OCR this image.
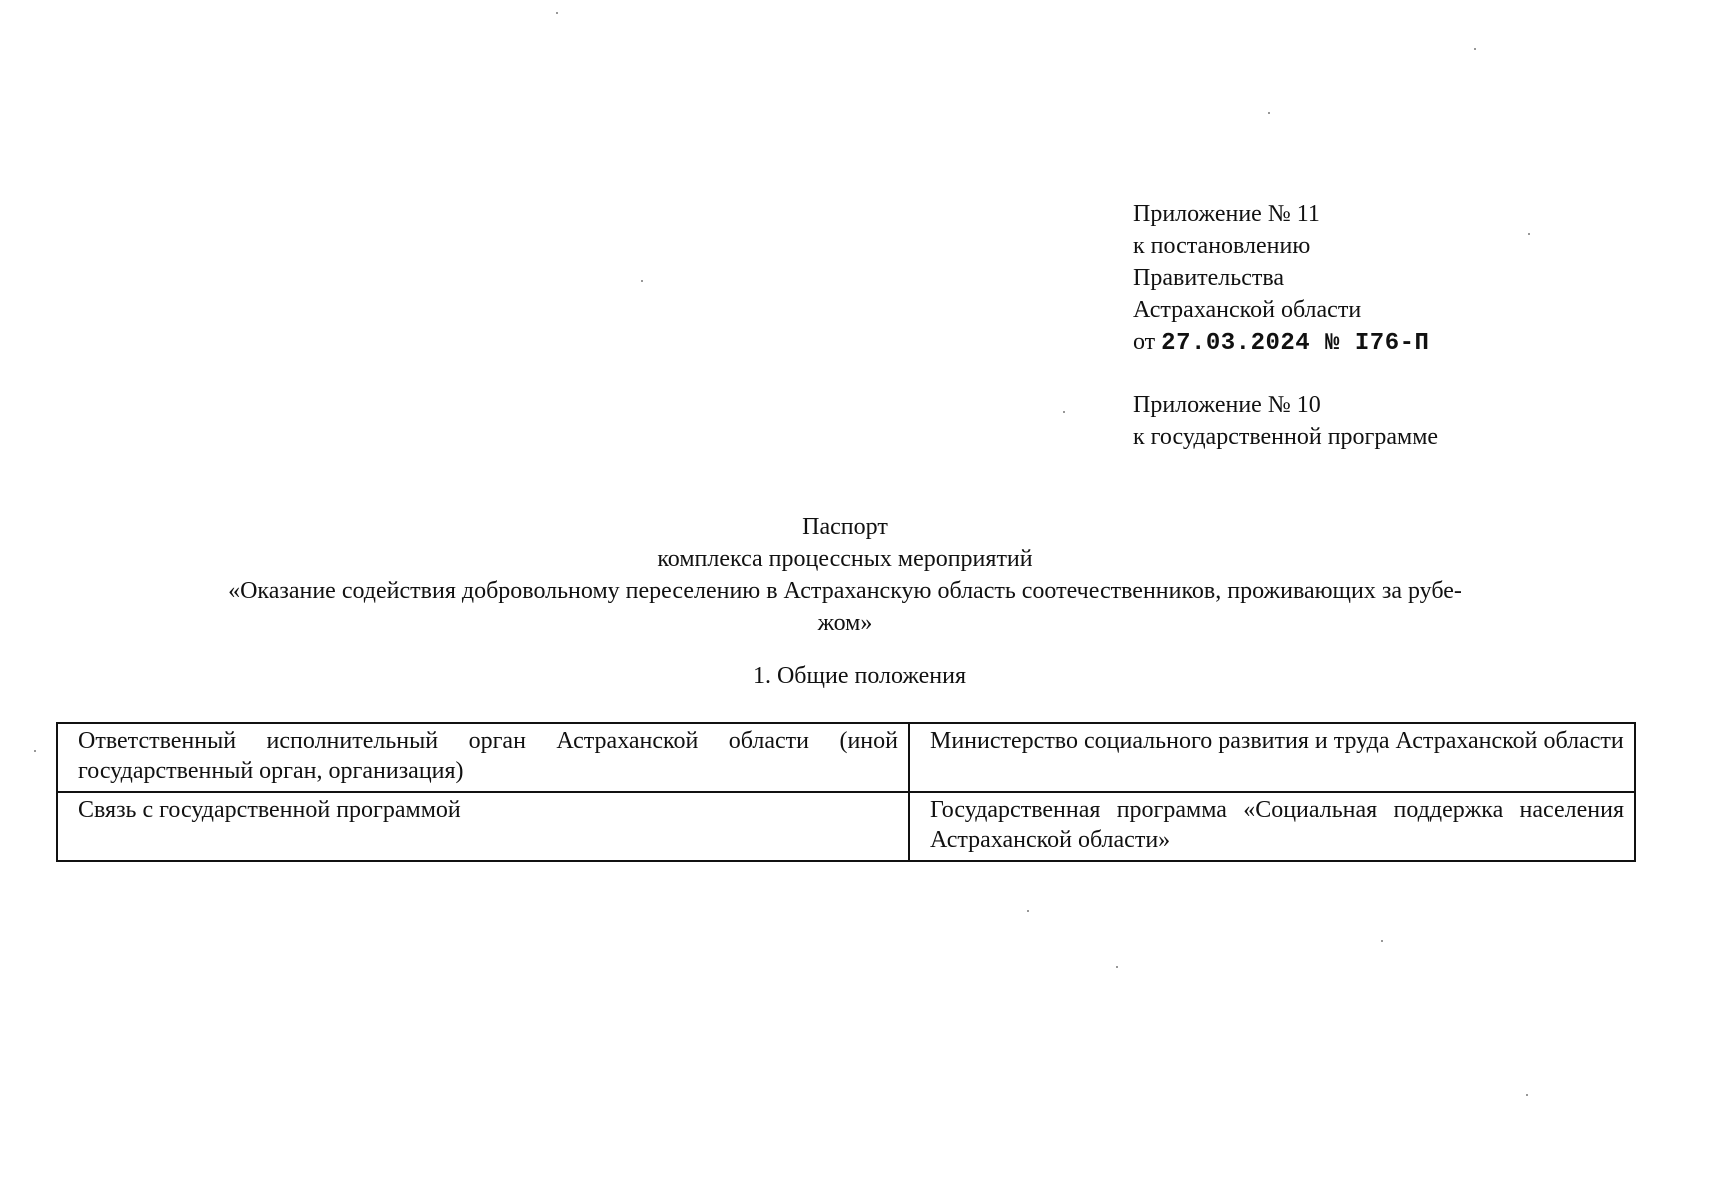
Приложение № 11
к постановлению
Правительства
Астраханской области
от 27.03.2024 № I76-П
Приложение № 10
к государственной программе
Паспорт
комплекса процессных мероприятий
«Оказание содействия добровольному переселению в Астраханскую область соотечественников, проживающих за рубе-
жом»
1. Общие положения
Ответственный исполнительный орган Астраханской области (иной государственный орган, организация)	Министерство социального развития и труда Астраханской области
Связь с государственной программой	Государственная программа «Социальная поддержка населения Астраханской области»
